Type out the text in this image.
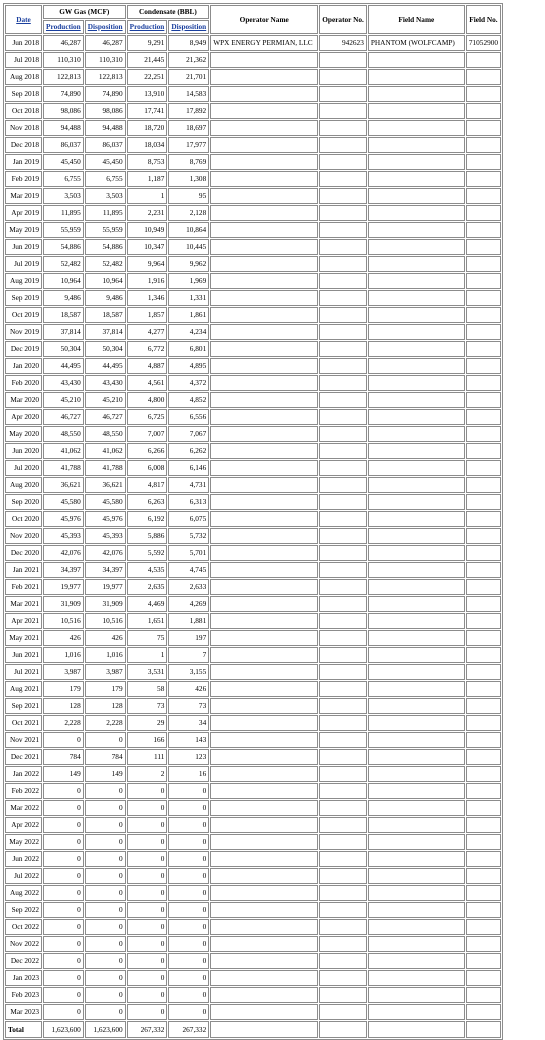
Date	GW Gas (MCF)		Condensate (BBL)		Operator Name	Operator No.	Field Name	Field No.
	Production	Disposition	Production	Disposition				
Jun 2018	46,287	46,287	9,291	8,949	WPX ENERGY PERMIAN, LLC	942623	PHANTOM (WOLFCAMP)	71052900
Jul 2018	110,310	110,310	21,445	21,362				
Aug 2018	122,813	122,813	22,251	21,701				
Sep 2018	74,890	74,890	13,910	14,583				
Oct 2018	98,086	98,086	17,741	17,892				
Nov 2018	94,488	94,488	18,720	18,697				
Dec 2018	86,037	86,037	18,034	17,977				
Jan 2019	45,450	45,450	8,753	8,769				
Feb 2019	6,755	6,755	1,187	1,308				
Mar 2019	3,503	3,503	1	95				
Apr 2019	11,895	11,895	2,231	2,128				
May 2019	55,959	55,959	10,949	10,864				
Jun 2019	54,886	54,886	10,347	10,445				
Jul 2019	52,482	52,482	9,964	9,962				
Aug 2019	10,964	10,964	1,916	1,969				
Sep 2019	9,486	9,486	1,346	1,331				
Oct 2019	18,587	18,587	1,857	1,861				
Nov 2019	37,814	37,814	4,277	4,234				
Dec 2019	50,304	50,304	6,772	6,801				
Jan 2020	44,495	44,495	4,887	4,895				
Feb 2020	43,430	43,430	4,561	4,372				
Mar 2020	45,210	45,210	4,800	4,852				
Apr 2020	46,727	46,727	6,725	6,556				
May 2020	48,550	48,550	7,007	7,067				
Jun 2020	41,062	41,062	6,266	6,262				
Jul 2020	41,788	41,788	6,008	6,146				
Aug 2020	36,621	36,621	4,817	4,731				
Sep 2020	45,580	45,580	6,263	6,313				
Oct 2020	45,976	45,976	6,192	6,075				
Nov 2020	45,393	45,393	5,886	5,732				
Dec 2020	42,076	42,076	5,592	5,701				
Jan 2021	34,397	34,397	4,535	4,745				
Feb 2021	19,977	19,977	2,635	2,633				
Mar 2021	31,909	31,909	4,469	4,269				
Apr 2021	10,516	10,516	1,651	1,881				
May 2021	426	426	75	197				
Jun 2021	1,016	1,016	1	7				
Jul 2021	3,987	3,987	3,531	3,155				
Aug 2021	179	179	58	426				
Sep 2021	128	128	73	73				
Oct 2021	2,228	2,228	29	34				
Nov 2021	0	0	166	143				
Dec 2021	784	784	111	123				
Jan 2022	149	149	2	16				
Feb 2022	0	0	0	0				
Mar 2022	0	0	0	0				
Apr 2022	0	0	0	0				
May 2022	0	0	0	0				
Jun 2022	0	0	0	0				
Jul 2022	0	0	0	0				
Aug 2022	0	0	0	0				
Sep 2022	0	0	0	0				
Oct 2022	0	0	0	0				
Nov 2022	0	0	0	0				
Dec 2022	0	0	0	0				
Jan 2023	0	0	0	0				
Feb 2023	0	0	0	0				
Mar 2023	0	0	0	0				
Total	1,623,600	1,623,600	267,332	267,332				
